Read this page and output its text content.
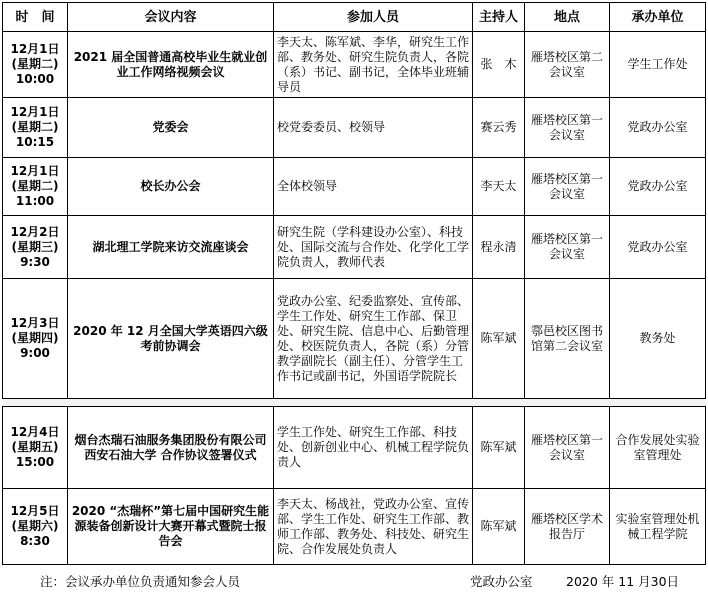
时　间	会议内容	参加人员	主持人	地点	承办单位

12月1日
(星期二)
10:00	2021 届全国普通高校毕业生就业创业工作网络视频会议	李天太、陈军斌、李华，研究生工作部、教务处、研究生院负责人，各院（系）书记、副书记，全体毕业班辅导员	张　木	雁塔校区第二会议室	学生工作处

12月1日
(星期二)
10:15	党委会	校党委委员、校领导	赛云秀	雁塔校区第一会议室	党政办公室

12月1日
(星期二)
11:00	校长办公会	全体校领导	李天太	雁塔校区第一会议室	党政办公室

12月2日
(星期三)
9:30	湖北理工学院来访交流座谈会	研究生院（学科建设办公室）、科技处、国际交流与合作处、化学化工学院负责人，教师代表	程永清	雁塔校区第一会议室	党政办公室

12月3日
(星期四)
9:00	2020 年 12 月全国大学英语四六级考前协调会	党政办公室、纪委监察处、宣传部、学生工作处、研究生工作部、保卫处、研究生院、信息中心、后勤管理处、校医院负责人，各院（系）分管教学副院长（副主任）、分管学生工作书记或副书记，外国语学院院长	陈军斌	鄠邑校区图书馆第二会议室	教务处

12月4日
(星期五)
15:00	烟台杰瑞石油服务集团股份有限公司西安石油大学 合作协议签署仪式	学生工作处、研究生工作部、科技处、创新创业中心、机械工程学院负责人	陈军斌	雁塔校区第一会议室	合作发展处实验室管理处

12月5日
(星期六)
8:30	2020 “杰瑞杯”第七届中国研究生能源装备创新设计大赛开幕式暨院士报告会	李天太、杨战社，党政办公室、宣传部、学生工作处、研究生工作部、教师工作部、教务处、科技处、研究生院、合作发展处负责人	陈军斌	雁塔校区学术报告厅	实验室管理处机械工程学院
注：会议承办单位负责通知参会人员	党政办公室	2020 年 11 月30日
